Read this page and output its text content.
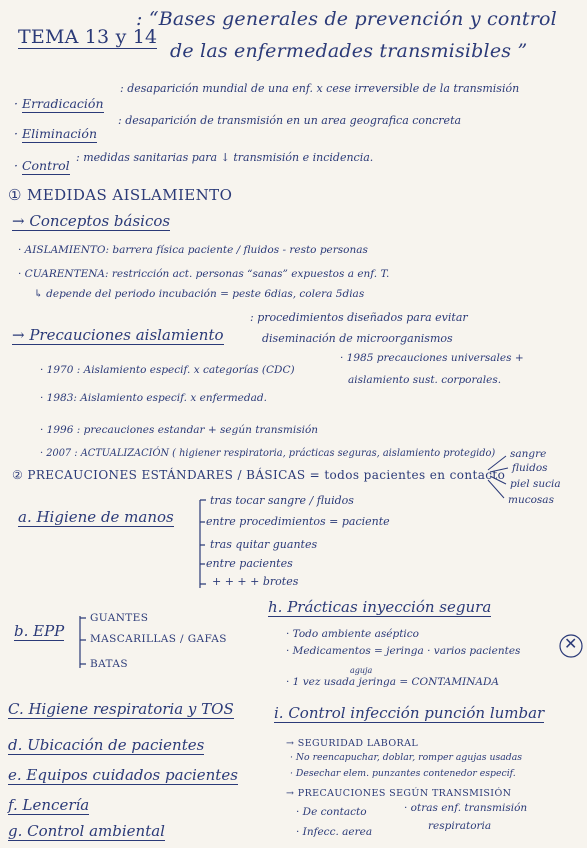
TEMA 13 y 14
: “Bases generales de prevención y control
de las enfermedades transmisibles ”
· Erradicación
: desaparición mundial de una enf. x cese irreversible de la transmisión
· Eliminación
: desaparición de transmisión en un area geografica concreta
· Control
: medidas sanitarias para ↓ transmisión e incidencia.
① MEDIDAS AISLAMIENTO
→ Conceptos básicos
· AISLAMIENTO: barrera física paciente / fluidos - resto personas
· CUARENTENA: restricción act. personas “sanas” expuestos a enf. T.
↳ depende del periodo incubación = peste 6dias, colera 5dias
→ Precauciones aislamiento
: procedimientos diseñados para evitar
diseminación de microorganismos
· 1970 : Aislamiento especif. x categorías (CDC)
· 1985 precauciones universales +
aislamiento sust. corporales.
· 1983: Aislamiento especif. x enfermedad.
· 1996 : precauciones estandar + según transmisión
· 2007 : ACTUALIZACIÓN ( higiener respiratoria, prácticas seguras, aislamiento protegido)
② PRECAUCIONES ESTÁNDARES / BÁSICAS = todos pacientes en contacto
sangre
fluidos
piel sucia
mucosas
a. Higiene de manos
tras tocar sangre / fluidos
entre procedimientos = paciente
tras quitar guantes
entre pacientes
+ + + + brotes
b. EPP
GUANTES
MASCARILLAS / GAFAS
BATAS
h. Prácticas inyección segura
· Todo ambiente aséptico
· Medicamentos = jeringa · varios pacientes
· 1 vez usada jeringa = CONTAMINADA
aguja
✕
C. Higiene respiratoria y TOS
d. Ubicación de pacientes
e. Equipos cuidados pacientes
f. Lencería
g. Control ambiental
i. Control infección punción lumbar
→ SEGURIDAD LABORAL
· No reencapuchar, doblar, romper agujas usadas
· Desechar elem. punzantes contenedor especif.
→ PRECAUCIONES SEGÚN TRANSMISIÓN
· De contacto
· Infecc. aerea
· otras enf. transmisión
respiratoria
